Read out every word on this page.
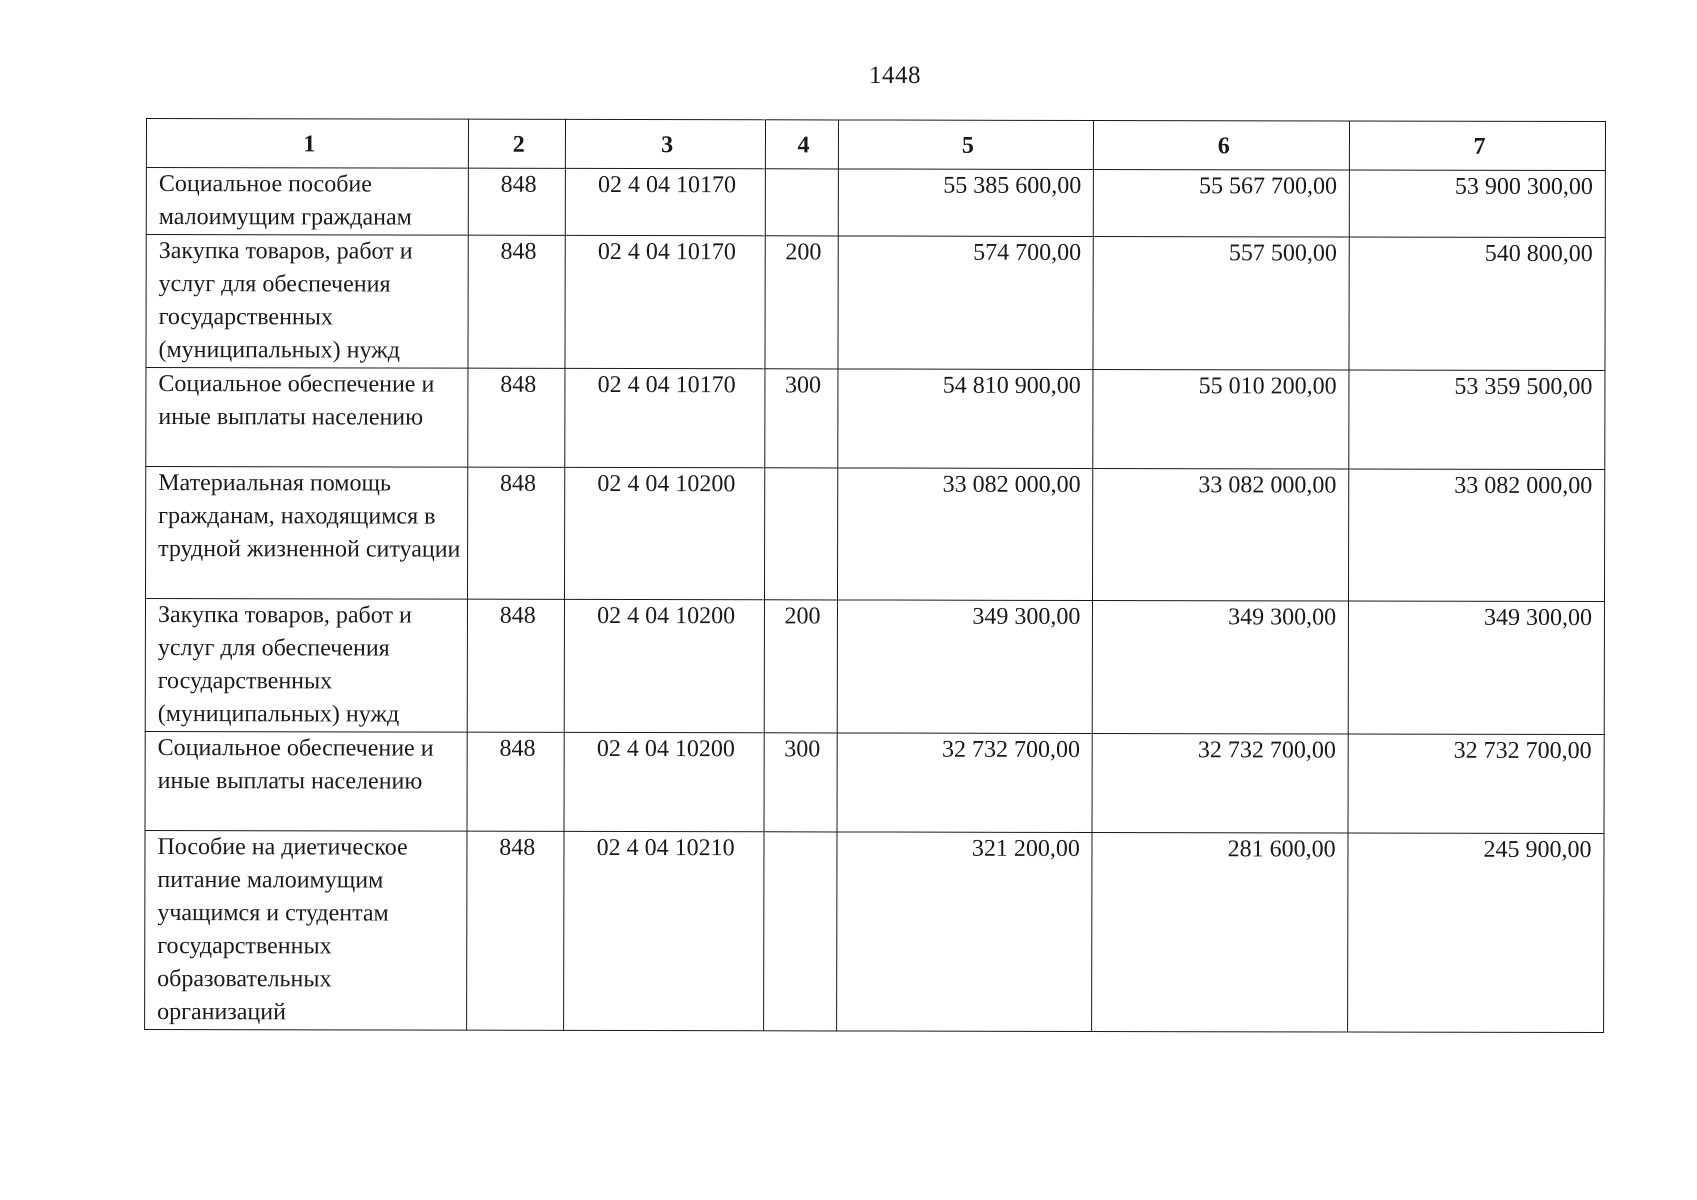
1448
1	2	3	4	5	6	7
Социальное пособие малоимущим гражданам	848	02 4 04 10170		55 385 600,00	55 567 700,00	53 900 300,00
Закупка товаров, работ и услуг для обеспечения государственных (муниципальных) нужд	848	02 4 04 10170	200	574 700,00	557 500,00	540 800,00
Социальное обеспечение и иные выплаты населению	848	02 4 04 10170	300	54 810 900,00	55 010 200,00	53 359 500,00
Материальная помощь гражданам, находящимся в трудной жизненной ситуации	848	02 4 04 10200		33 082 000,00	33 082 000,00	33 082 000,00
Закупка товаров, работ и услуг для обеспечения государственных (муниципальных) нужд	848	02 4 04 10200	200	349 300,00	349 300,00	349 300,00
Социальное обеспечение и иные выплаты населению	848	02 4 04 10200	300	32 732 700,00	32 732 700,00	32 732 700,00
Пособие на диетическое питание малоимущим учащимся и студентам государственных образовательных организаций	848	02 4 04 10210		321 200,00	281 600,00	245 900,00
